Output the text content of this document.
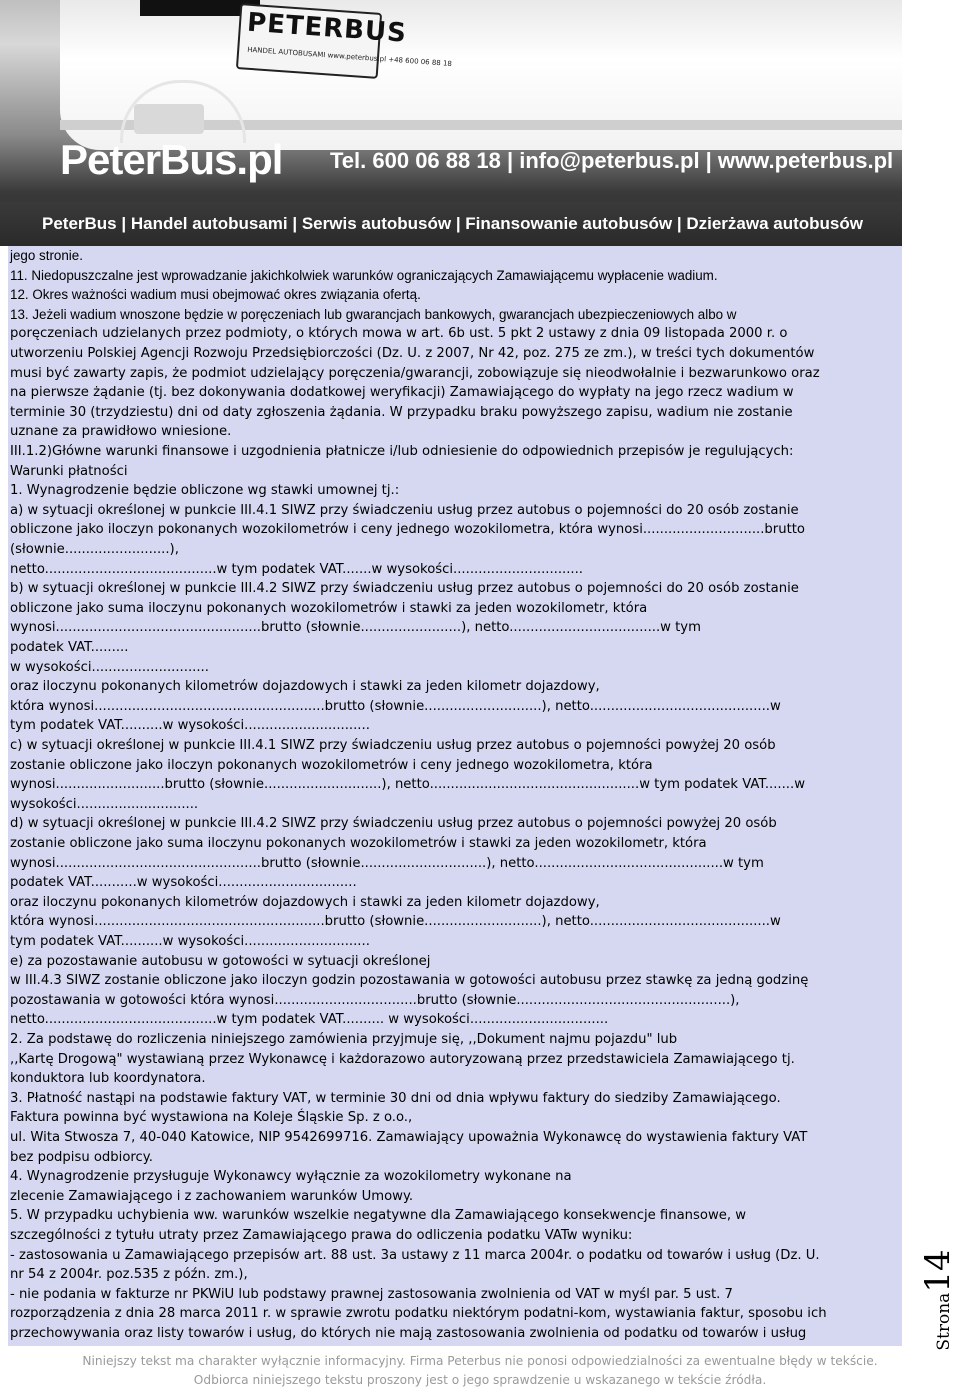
PETERBUS
HANDEL AUTOBUSAMI www.peterbus.pl +48 600 06 88 18
PeterBus.pl Tel. 600 06 88 18 | info@peterbus.pl | www.peterbus.pl
PeterBus | Handel autobusami | Serwis autobusów | Finansowanie autobusów | Dzierżawa autobusów
jego stronie.
11. Niedopuszczalne jest wprowadzanie jakichkolwiek warunków ograniczających Zamawiającemu wypłacenie wadium.
12. Okres ważności wadium musi obejmować okres związania ofertą.
13. Jeżeli wadium wnoszone będzie w poręczeniach lub gwarancjach bankowych, gwarancjach ubezpieczeniowych albo w
poręczeniach udzielanych przez podmioty, o których mowa w art. 6b ust. 5 pkt 2 ustawy z dnia 09 listopada 2000 r. o
utworzeniu Polskiej Agencji Rozwoju Przedsiębiorczości (Dz. U. z 2007, Nr 42, poz. 275 ze zm.), w treści tych dokumentów
musi być zawarty zapis, że podmiot udzielający poręczenia/gwarancji, zobowiązuje się nieodwołalnie i bezwarunkowo oraz
na pierwsze żądanie (tj. bez dokonywania dodatkowej weryfikacji) Zamawiającego do wypłaty na jego rzecz wadium w
terminie 30 (trzydziestu) dni od daty zgłoszenia żądania. W przypadku braku powyższego zapisu, wadium nie zostanie
uznane za prawidłowo wniesione.
III.1.2)Główne warunki finansowe i uzgodnienia płatnicze i/lub odniesienie do odpowiednich przepisów je regulujących:
Warunki płatności
1. Wynagrodzenie będzie obliczone wg stawki umownej tj.:
a) w sytuacji określonej w punkcie III.4.1 SIWZ przy świadczeniu usług przez autobus o pojemności do 20 osób zostanie
obliczone jako iloczyn pokonanych wozokilometrów i ceny jednego wozokilometra, która wynosi.............................brutto
(słownie.........................),
netto.........................................w tym podatek VAT.......w wysokości...............................
b) w sytuacji określonej w punkcie III.4.2 SIWZ przy świadczeniu usług przez autobus o pojemności do 20 osób zostanie
obliczone jako suma iloczynu pokonanych wozokilometrów i stawki za jeden wozokilometr, która
wynosi.................................................brutto (słownie........................), netto....................................w tym
podatek VAT.........
w wysokości............................
oraz iloczynu pokonanych kilometrów dojazdowych i stawki za jeden kilometr dojazdowy,
która wynosi.......................................................brutto (słownie............................), netto...........................................w
tym podatek VAT..........w wysokości..............................
c) w sytuacji określonej w punkcie III.4.1 SIWZ przy świadczeniu usług przez autobus o pojemności powyżej 20 osób
zostanie obliczone jako iloczyn pokonanych wozokilometrów i ceny jednego wozokilometra, która
wynosi..........................brutto (słownie............................), netto..................................................w tym podatek VAT.......w
wysokości.............................
d) w sytuacji określonej w punkcie III.4.2 SIWZ przy świadczeniu usług przez autobus o pojemności powyżej 20 osób
zostanie obliczone jako suma iloczynu pokonanych wozokilometrów i stawki za jeden wozokilometr, która
wynosi.................................................brutto (słownie..............................), netto.............................................w tym
podatek VAT...........w wysokości.................................
oraz iloczynu pokonanych kilometrów dojazdowych i stawki za jeden kilometr dojazdowy,
która wynosi.......................................................brutto (słownie............................), netto...........................................w
tym podatek VAT..........w wysokości..............................
e) za pozostawanie autobusu w gotowości w sytuacji określonej
w III.4.3 SIWZ zostanie obliczone jako iloczyn godzin pozostawania w gotowości autobusu przez stawkę za jedną godzinę
pozostawania w gotowości która wynosi..................................brutto (słownie...................................................),
netto.........................................w tym podatek VAT.......... w wysokości.................................
2. Za podstawę do rozliczenia niniejszego zamówienia przyjmuje się, ,,Dokument najmu pojazdu" lub
,,Kartę Drogową" wystawianą przez Wykonawcę i każdorazowo autoryzowaną przez przedstawiciela Zamawiającego tj.
konduktora lub koordynatora.
3. Płatność nastąpi na podstawie faktury VAT, w terminie 30 dni od dnia wpływu faktury do siedziby Zamawiającego.
Faktura powinna być wystawiona na Koleje Śląskie Sp. z o.o.,
ul. Wita Stwosza 7, 40-040 Katowice, NIP 9542699716. Zamawiający upoważnia Wykonawcę do wystawienia faktury VAT
bez podpisu odbiorcy.
4. Wynagrodzenie przysługuje Wykonawcy wyłącznie za wozokilometry wykonane na
zlecenie Zamawiającego i z zachowaniem warunków Umowy.
5. W przypadku uchybienia ww. warunków wszelkie negatywne dla Zamawiającego konsekwencje finansowe, w
szczególności z tytułu utraty przez Zamawiającego prawa do odliczenia podatku VATw wyniku:
- zastosowania u Zamawiającego przepisów art. 88 ust. 3a ustawy z 11 marca 2004r. o podatku od towarów i usług (Dz. U.
nr 54 z 2004r. poz.535 z późn. zm.),
- nie podania w fakturze nr PKWiU lub podstawy prawnej zastosowania zwolnienia od VAT w myśl par. 5 ust. 7
rozporządzenia z dnia 28 marca 2011 r. w sprawie zwrotu podatku niektórym podatni-kom, wystawiania faktur, sposobu ich
przechowywania oraz listy towarów i usług, do których nie mają zastosowania zwolnienia od podatku od towarów i usług	Strona14
Niniejszy tekst ma charakter wyłącznie informacyjny. Firma Peterbus nie ponosi odpowiedzialności za ewentualne błędy w tekście.
Odbiorca niniejszego tekstu proszony jest o jego sprawdzenie u wskazanego w tekście źródła.
